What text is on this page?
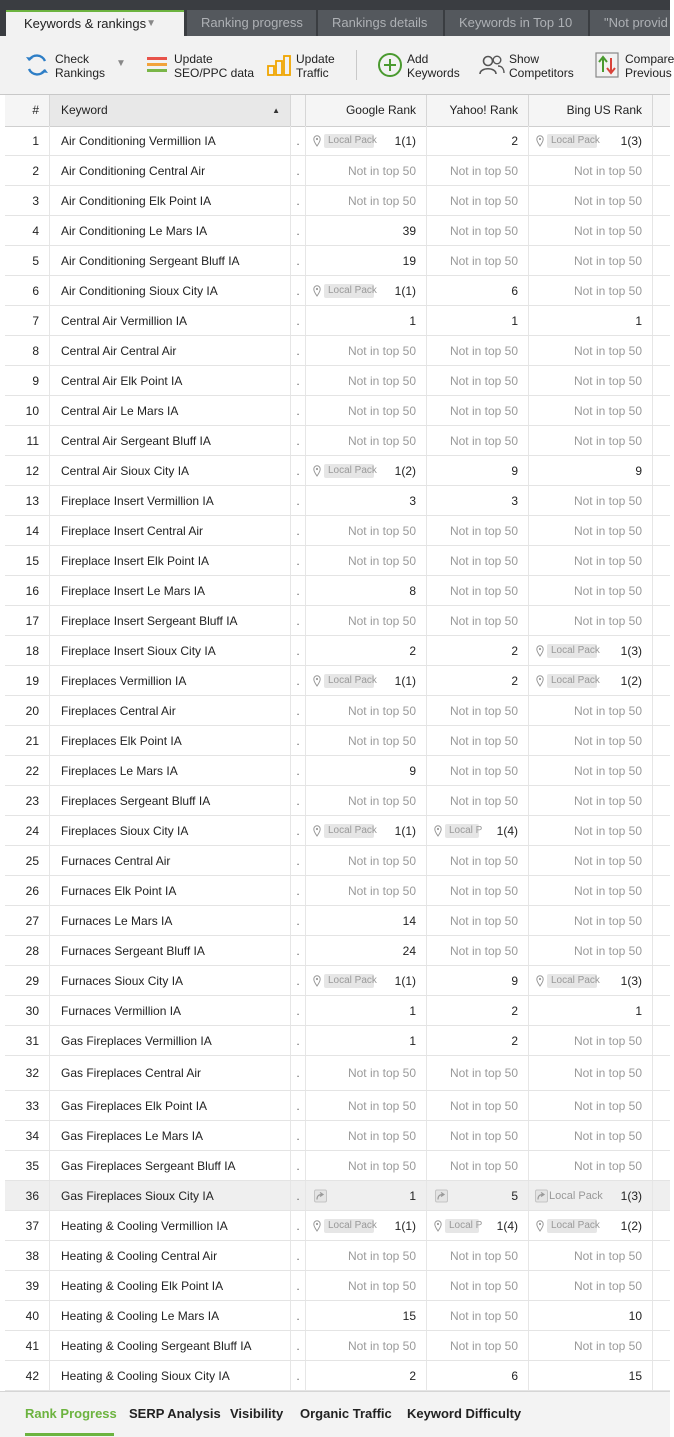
Keywords & rankings ▼	Ranking progress	Rankings details	Keywords in Top 10	"Not provid
Check
Rankings
▼	Update
SEO/PPC data
Update
Traffic
Add
Keywords
Show
Competitors
Compare
Previous
#	Keyword	▲	Google Rank	Yahoo! Rank	Bing US Rank
1	Air Conditioning Vermillion IA	.	Local Pack 1(1)	2	Local Pack 1(3)
2	Air Conditioning Central Air	.	Not in top 50	Not in top 50	Not in top 50
3	Air Conditioning Elk Point IA	.	Not in top 50	Not in top 50	Not in top 50
4	Air Conditioning Le Mars IA	.	39	Not in top 50	Not in top 50
5	Air Conditioning Sergeant Bluff IA	.	19	Not in top 50	Not in top 50
6	Air Conditioning Sioux City IA	.	Local Pack 1(1)	6	Not in top 50
7	Central Air Vermillion IA	.	1	1	1
8	Central Air Central Air	.	Not in top 50	Not in top 50	Not in top 50
9	Central Air Elk Point IA	.	Not in top 50	Not in top 50	Not in top 50
10	Central Air Le Mars IA	.	Not in top 50	Not in top 50	Not in top 50
11	Central Air Sergeant Bluff IA	.	Not in top 50	Not in top 50	Not in top 50
12	Central Air Sioux City IA	.	Local Pack 1(2)	9	9
13	Fireplace Insert Vermillion IA	.	3	3	Not in top 50
14	Fireplace Insert Central Air	.	Not in top 50	Not in top 50	Not in top 50
15	Fireplace Insert Elk Point IA	.	Not in top 50	Not in top 50	Not in top 50
16	Fireplace Insert Le Mars IA	.	8	Not in top 50	Not in top 50
17	Fireplace Insert Sergeant Bluff IA	.	Not in top 50	Not in top 50	Not in top 50
18	Fireplace Insert Sioux City IA	.	2	2	Local Pack 1(3)
19	Fireplaces Vermillion IA	.	Local Pack 1(1)	2	Local Pack 1(2)
20	Fireplaces Central Air	.	Not in top 50	Not in top 50	Not in top 50
21	Fireplaces Elk Point IA	.	Not in top 50	Not in top 50	Not in top 50
22	Fireplaces Le Mars IA	.	9	Not in top 50	Not in top 50
23	Fireplaces Sergeant Bluff IA	.	Not in top 50	Not in top 50	Not in top 50
24	Fireplaces Sioux City IA	.	Local Pack 1(1)	Local P 1(4)	Not in top 50
25	Furnaces Central Air	.	Not in top 50	Not in top 50	Not in top 50
26	Furnaces Elk Point IA	.	Not in top 50	Not in top 50	Not in top 50
27	Furnaces Le Mars IA	.	14	Not in top 50	Not in top 50
28	Furnaces Sergeant Bluff IA	.	24	Not in top 50	Not in top 50
29	Furnaces Sioux City IA	.	Local Pack 1(1)	9	Local Pack 1(3)
30	Furnaces Vermillion IA	.	1	2	1
31	Gas Fireplaces Vermillion IA	.	1	2	Not in top 50
32	Gas Fireplaces Central Air	.	Not in top 50	Not in top 50	Not in top 50
33	Gas Fireplaces Elk Point IA	.	Not in top 50	Not in top 50	Not in top 50
34	Gas Fireplaces Le Mars IA	.	Not in top 50	Not in top 50	Not in top 50
35	Gas Fireplaces Sergeant Bluff IA	.	Not in top 50	Not in top 50	Not in top 50
36	Gas Fireplaces Sioux City IA	.	1	5	Local Pack 1(3)
37	Heating & Cooling Vermillion IA	.	Local Pack 1(1)	Local P 1(4)	Local Pack 1(2)
38	Heating & Cooling Central Air	.	Not in top 50	Not in top 50	Not in top 50
39	Heating & Cooling Elk Point IA	.	Not in top 50	Not in top 50	Not in top 50
40	Heating & Cooling Le Mars IA	.	15	Not in top 50	10
41	Heating & Cooling Sergeant Bluff IA	.	Not in top 50	Not in top 50	Not in top 50
42	Heating & Cooling Sioux City IA	.	2	6	15
Rank Progress SERP Analysis Visibility Organic Traffic Keyword Difficulty
